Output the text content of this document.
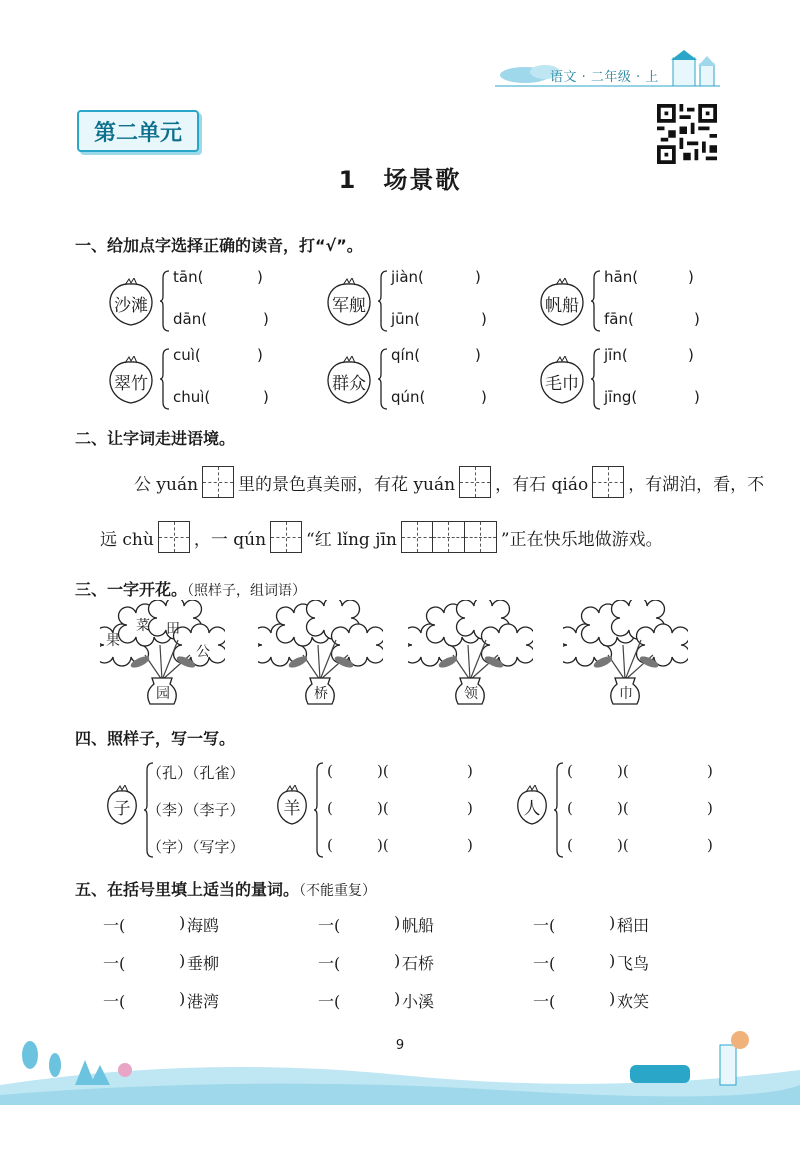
语文 · 二年级 · 上
第二单元
1　场景歌
一、给加点字选择正确的读音，打“√”。
沙滩
tān(	)
dān(	)
军舰
jiàn(	)
jūn(	)
帆船
hān(	)
fān(	)
翠竹
cuì(	)
chuì(	)
群众
qín(	)
qún(	)
毛巾
jīn(	)
jīng(	)
二、让字词走进语境。
公 yuán 里的景色真美丽，有花 yuán ，有石 qiáo ，有湖泊，看，不
远 chù ，一 qún “红 lǐng jīn	”正在快乐地做游戏。
三、一字开花。（照样子，组词语）
园	桥	领	巾
果
菜 田
公
四、照样子，写一写。
子
（孔）（孔雀）
（李）（李子）
（字）（写字）
羊
(	)(	)
(	)(	)
(	)(	)
人
(	)(	)
(	)(	)
(	)(	)
五、在括号里填上适当的量词。（不能重复）
一(	) 海鸥	一(	) 帆船	一(	) 稻田
一(	) 垂柳	一(	) 石桥	一(	) 飞鸟
一(	) 港湾	一(	) 小溪	一(	) 欢笑
9
